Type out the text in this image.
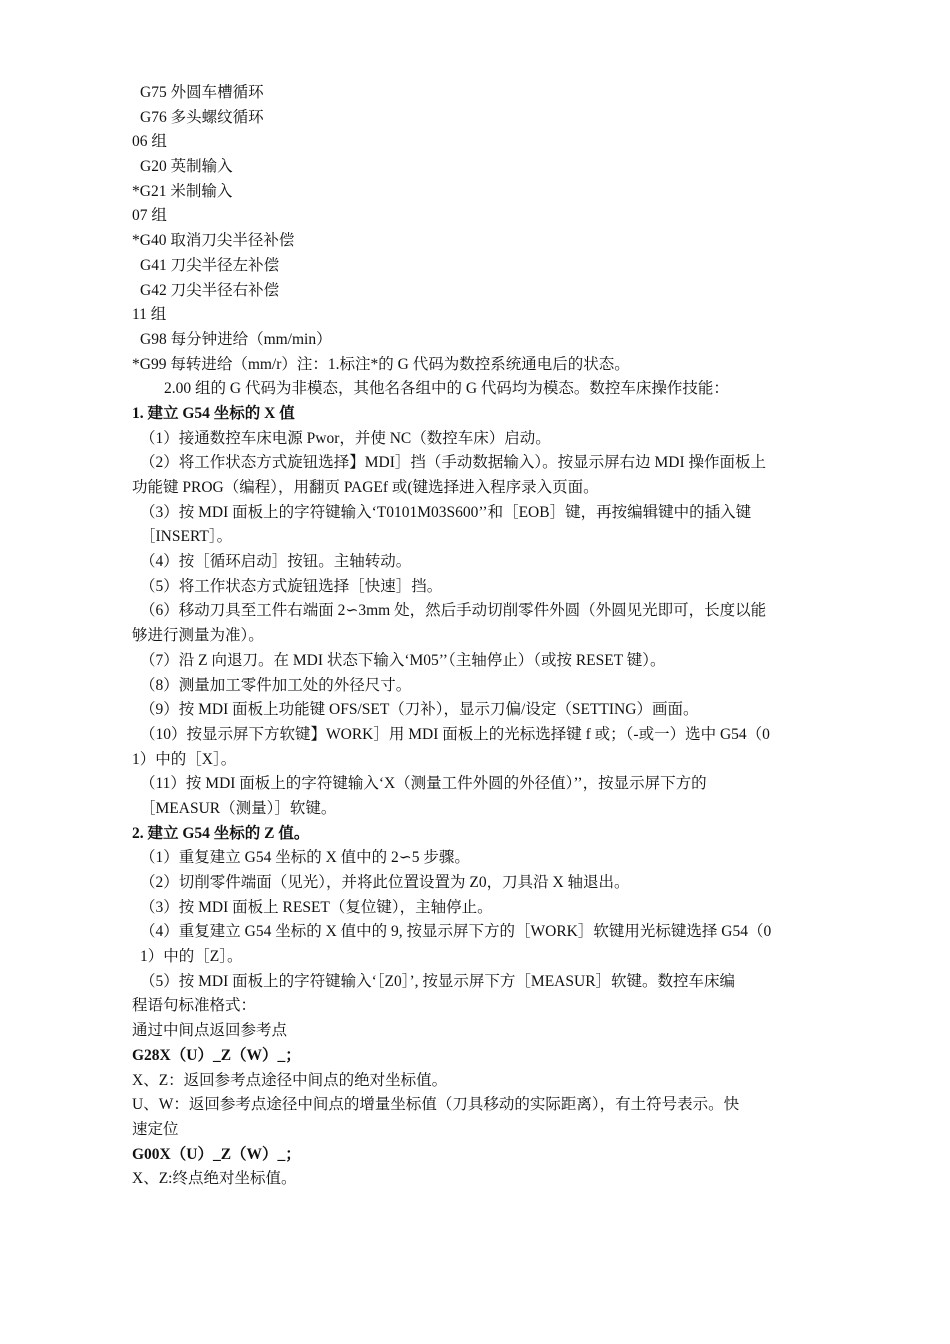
G75 外圆车槽循环
G76 多头螺纹循环
06 组
G20 英制输入
*G21 米制输入
07 组
*G40 取消刀尖半径补偿
G41 刀尖半径左补偿
G42 刀尖半径右补偿
11 组
G98 每分钟进给（mm/min）
*G99 每转进给（mm/r）注：1.标注*的 G 代码为数控系统通电后的状态。
2.00 组的 G 代码为非模态，其他名各组中的 G 代码均为模态。数控车床操作技能：
1. 建立 G54 坐标的 X 值
（1）接通数控车床电源 Pwor，并使 NC（数控车床）启动。
（2）将工作状态方式旋钮选择】MDI］挡（手动数据输入）。按显示屏右边 MDI 操作面板上
功能键 PROG（编程），用翻页 PAGEf 或(键选择进入程序录入页面。
（3）按 MDI 面板上的字符键输入‘T0101M03S600’’和［EOB］键，再按编辑键中的插入键
［INSERT］。
（4）按［循环启动］按钮。主轴转动。
（5）将工作状态方式旋钮选择［快速］挡。
（6）移动刀具至工件右端面 2∽3mm 处，然后手动切削零件外圆（外圆见光即可，长度以能
够进行测量为准）。
（7）沿 Z 向退刀。在 MDI 状态下输入‘M05’’（主轴停止）（或按 RESET 键）。
（8）测量加工零件加工处的外径尺寸。
（9）按 MDI 面板上功能键 OFS/SET（刀补），显示刀偏/设定（SETTING）画面。
（10）按显示屏下方软键】WORK］用 MDI 面板上的光标选择键 f 或；（-或一）选中 G54（0
1）中的［X］。
（11）按 MDI 面板上的字符键输入‘X（测量工件外圆的外径值）’’，按显示屏下方的
［MEASUR（测量）］软键。
2. 建立 G54 坐标的 Z 值。
（1）重复建立 G54 坐标的 X 值中的 2∽5 步骤。
（2）切削零件端面（见光），并将此位置设置为 Z0，刀具沿 X 轴退出。
（3）按 MDI 面板上 RESET（复位键），主轴停止。
（4）重复建立 G54 坐标的 X 值中的 9, 按显示屏下方的［WORK］软键用光标键选择 G54（0
1）中的［Z］。
（5）按 MDI 面板上的字符键输入‘［Z0］’, 按显示屏下方［MEASUR］软键。数控车床编
程语句标准格式：
通过中间点返回参考点
G28X（U）_Z（W）_；
X、Z：返回参考点途径中间点的绝对坐标值。
U、W：返回参考点途径中间点的增量坐标值（刀具移动的实际距离），有土符号表示。快
速定位
G00X（U）_Z（W）_；
X、Z:终点绝对坐标值。
